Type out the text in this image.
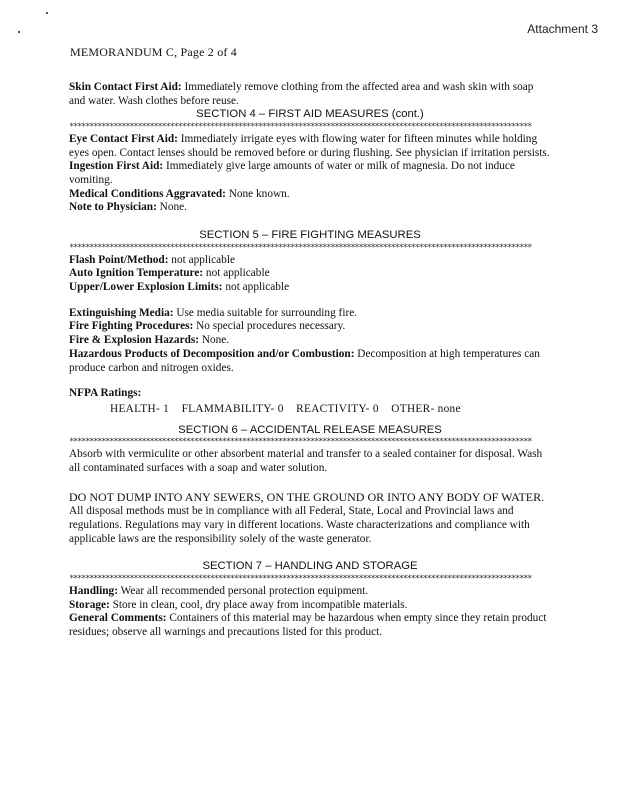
Attachment 3
MEMORANDUM C, Page 2 of 4

Skin Contact First Aid: Immediately remove clothing from the affected area and wash skin with soap and water. Wash clothes before reuse.

SECTION 4 – FIRST AID MEASURES (cont.)

*******************************************************************************************************************

Eye Contact First Aid: Immediately irrigate eyes with flowing water for fifteen minutes while holding eyes open. Contact lenses should be removed before or during flushing. See physician if irritation persists.

Ingestion First Aid: Immediately give large amounts of water or milk of magnesia. Do not induce vomiting.

Medical Conditions Aggravated: None known.

Note to Physician: None.

SECTION 5 – FIRE FIGHTING MEASURES

*******************************************************************************************************************

Flash Point/Method: not applicable

Auto Ignition Temperature: not applicable

Upper/Lower Explosion Limits: not applicable

Extinguishing Media: Use media suitable for surrounding fire.

Fire Fighting Procedures: No special procedures necessary.

Fire & Explosion Hazards: None.

Hazardous Products of Decomposition and/or Combustion: Decomposition at high temperatures can produce carbon and nitrogen oxides.

NFPA Ratings:

HEALTH- 1    FLAMMABILITY- 0    REACTIVITY- 0    OTHER- none

SECTION 6 – ACCIDENTAL RELEASE MEASURES

*******************************************************************************************************************

Absorb with vermiculite or other absorbent material and transfer to a sealed container for disposal. Wash all contaminated surfaces with a soap and water solution.

DO NOT DUMP INTO ANY SEWERS, ON THE GROUND OR INTO ANY BODY OF WATER. All disposal methods must be in compliance with all Federal, State, Local and Provincial laws and regulations. Regulations may vary in different locations. Waste characterizations and compliance with applicable laws are the responsibility solely of the waste generator.

SECTION 7 – HANDLING AND STORAGE

*******************************************************************************************************************

Handling: Wear all recommended personal protection equipment.

Storage: Store in clean, cool, dry place away from incompatible materials.

General Comments: Containers of this material may be hazardous when empty since they retain product residues; observe all warnings and precautions listed for this product.
